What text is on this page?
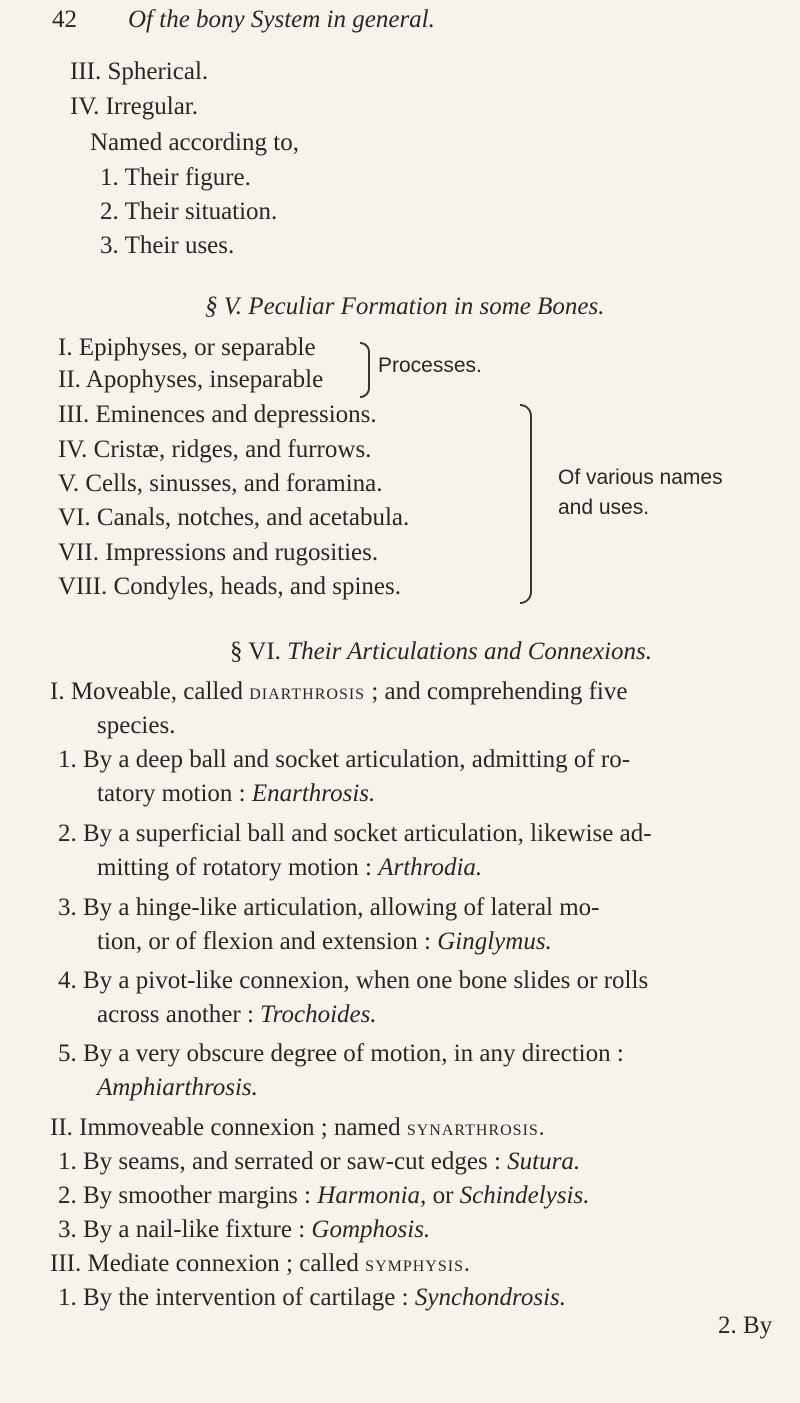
42 Of the bony System in general.
III. Spherical.
IV. Irregular.
Named according to,
1. Their figure.
2. Their situation.
3. Their uses.
§ V. Peculiar Formation in some Bones.
I. Epiphyses, or separable
II. Apophyses, inseparable
Processes.
III. Eminences and depressions.
IV. Cristæ, ridges, and furrows.
V. Cells, sinusses, and foramina.
VI. Canals, notches, and acetabula.
VII. Impressions and rugosities.
VIII. Condyles, heads, and spines.
Of various names
and uses.
§ VI. Their Articulations and Connexions.
I. Moveable, called diarthrosis ; and comprehending five
species.
1. By a deep ball and socket articulation, admitting of ro-
tatory motion : Enarthrosis.
2. By a superficial ball and socket articulation, likewise ad-
mitting of rotatory motion : Arthrodia.
3. By a hinge-like articulation, allowing of lateral mo-
tion, or of flexion and extension : Ginglymus.
4. By a pivot-like connexion, when one bone slides or rolls
across another : Trochoides.
5. By a very obscure degree of motion, in any direction :
Amphiarthrosis.
II. Immoveable connexion ; named synarthrosis.
1. By seams, and serrated or saw-cut edges : Sutura.
2. By smoother margins : Harmonia, or Schindelysis.
3. By a nail-like fixture : Gomphosis.
III. Mediate connexion ; called symphysis.
1. By the intervention of cartilage : Synchondrosis.
2. By
